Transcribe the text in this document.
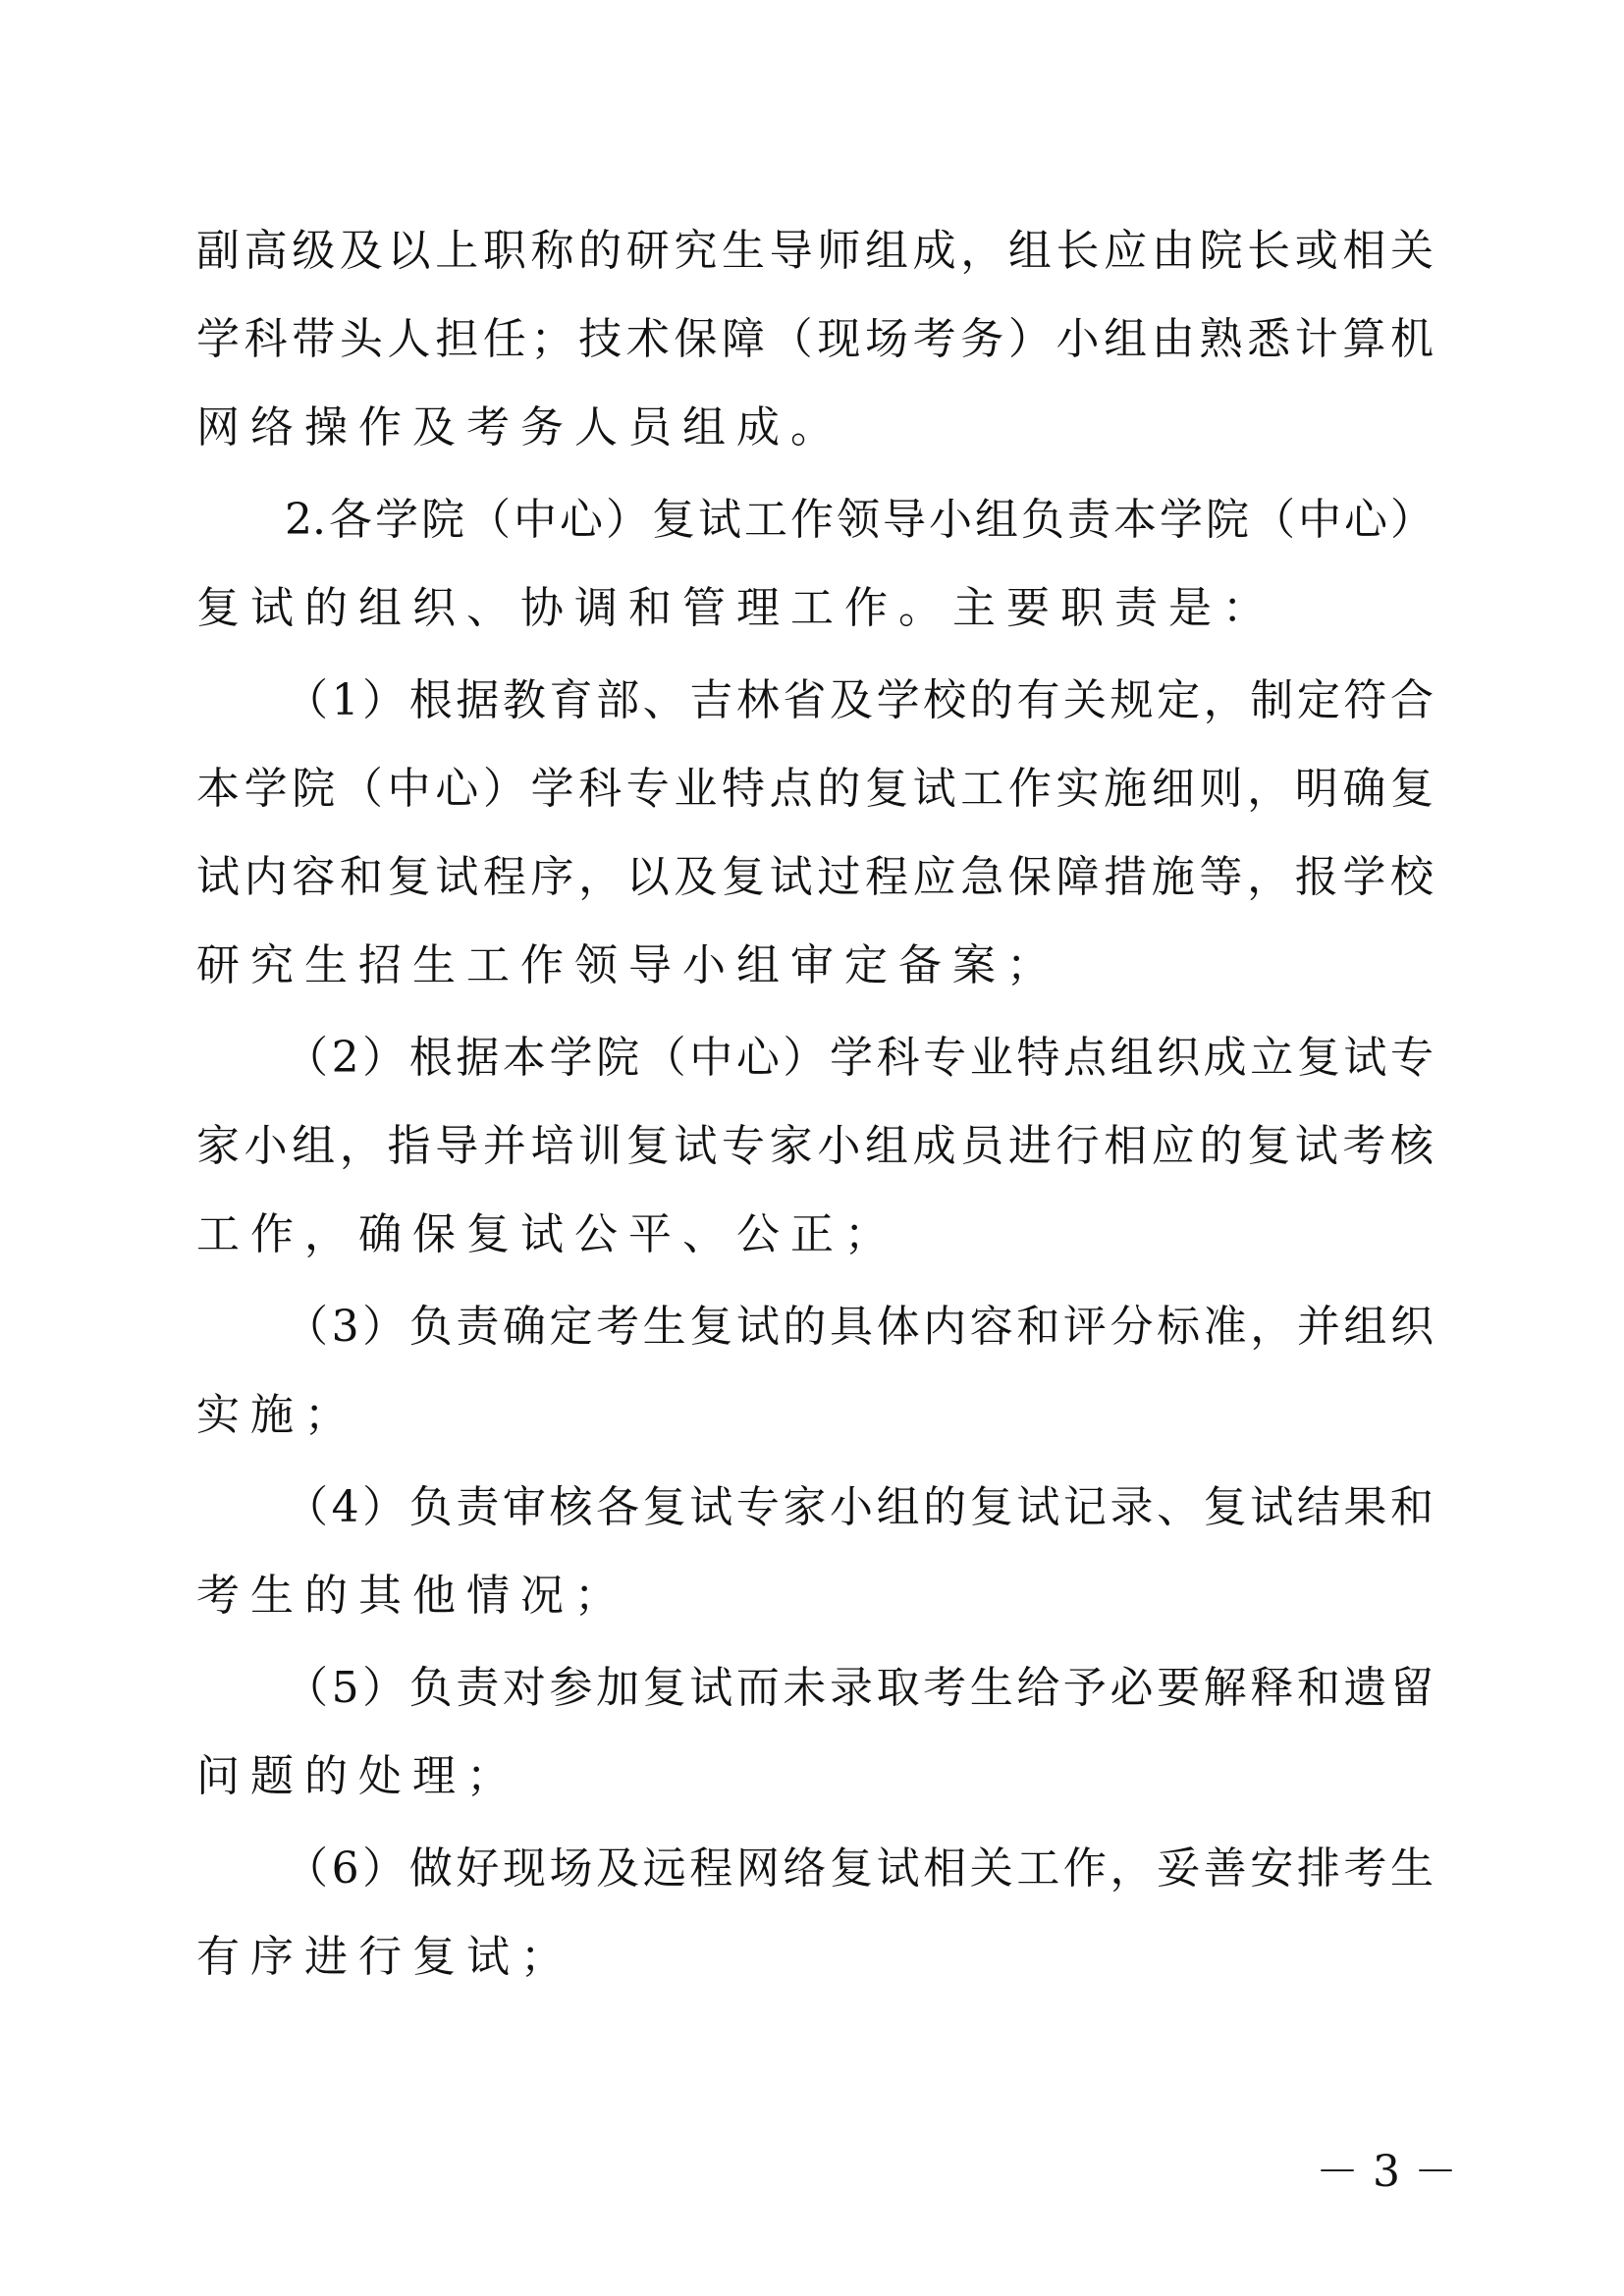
副高级及以上职称的研究生导师组成，组长应由院长或相关
学科带头人担任；技术保障（现场考务）小组由熟悉计算机
网络操作及考务人员组成。
2.各学院（中心）复试工作领导小组负责本学院（中心）
复试的组织、协调和管理工作。主要职责是：
（1）根据教育部、吉林省及学校的有关规定，制定符合
本学院（中心）学科专业特点的复试工作实施细则，明确复
试内容和复试程序，以及复试过程应急保障措施等，报学校
研究生招生工作领导小组审定备案；
（2）根据本学院（中心）学科专业特点组织成立复试专
家小组，指导并培训复试专家小组成员进行相应的复试考核
工作，确保复试公平、公正；
（3）负责确定考生复试的具体内容和评分标准，并组织
实施；
（4）负责审核各复试专家小组的复试记录、复试结果和
考生的其他情况；
（5）负责对参加复试而未录取考生给予必要解释和遗留
问题的处理；
（6）做好现场及远程网络复试相关工作，妥善安排考生
有序进行复试；
－ 3 －
